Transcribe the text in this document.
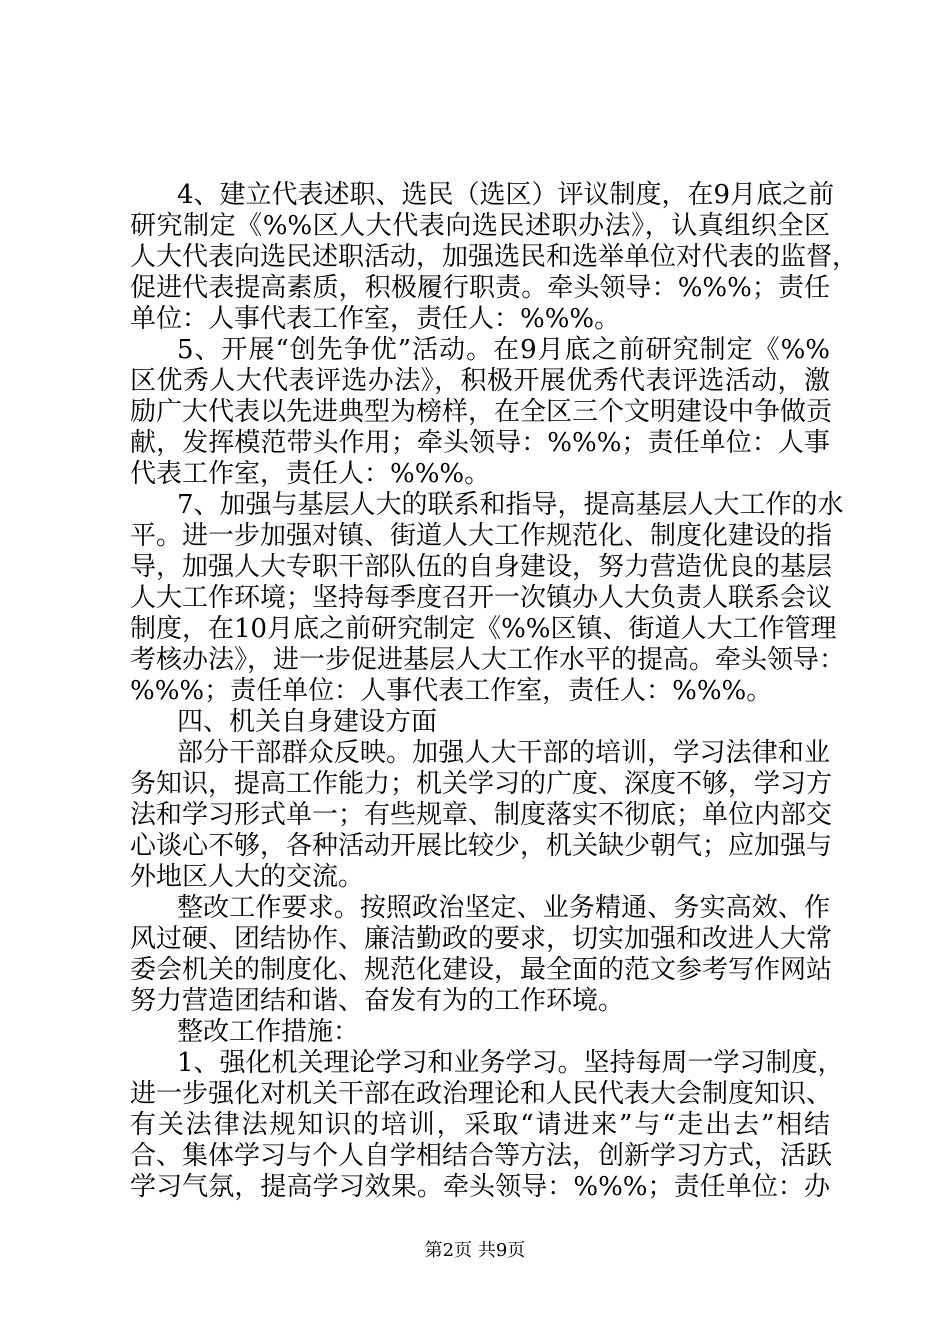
4、建立代表述职、选民（选区）评议制度，在9月底之前
研究制定《%%区人大代表向选民述职办法》，认真组织全区
人大代表向选民述职活动，加强选民和选举单位对代表的监督，
促进代表提高素质，积极履行职责。牵头领导：%%%；责任
单位：人事代表工作室，责任人：%%%。
5、开展“创先争优”活动。在9月底之前研究制定《%%
区优秀人大代表评选办法》，积极开展优秀代表评选活动，激
励广大代表以先进典型为榜样，在全区三个文明建设中争做贡
献，发挥模范带头作用；牵头领导：%%%；责任单位：人事
代表工作室，责任人：%%%。
7、加强与基层人大的联系和指导，提高基层人大工作的水
平。进一步加强对镇、街道人大工作规范化、制度化建设的指
导，加强人大专职干部队伍的自身建设，努力营造优良的基层
人大工作环境；坚持每季度召开一次镇办人大负责人联系会议
制度，在10月底之前研究制定《%%区镇、街道人大工作管理
考核办法》，进一步促进基层人大工作水平的提高。牵头领导：
%%%；责任单位：人事代表工作室，责任人：%%%。
四、机关自身建设方面
部分干部群众反映。加强人大干部的培训，学习法律和业
务知识，提高工作能力；机关学习的广度、深度不够，学习方
法和学习形式单一；有些规章、制度落实不彻底；单位内部交
心谈心不够，各种活动开展比较少，机关缺少朝气；应加强与
外地区人大的交流。
整改工作要求。按照政治坚定、业务精通、务实高效、作
风过硬、团结协作、廉洁勤政的要求，切实加强和改进人大常
委会机关的制度化、规范化建设，最全面的范文参考写作网站
努力营造团结和谐、奋发有为的工作环境。
整改工作措施：
1、强化机关理论学习和业务学习。坚持每周一学习制度，
进一步强化对机关干部在政治理论和人民代表大会制度知识、
有关法律法规知识的培训，采取“请进来”与“走出去”相结
合、集体学习与个人自学相结合等方法，创新学习方式，活跃
学习气氛，提高学习效果。牵头领导：%%%；责任单位：办
第2页 共9页
